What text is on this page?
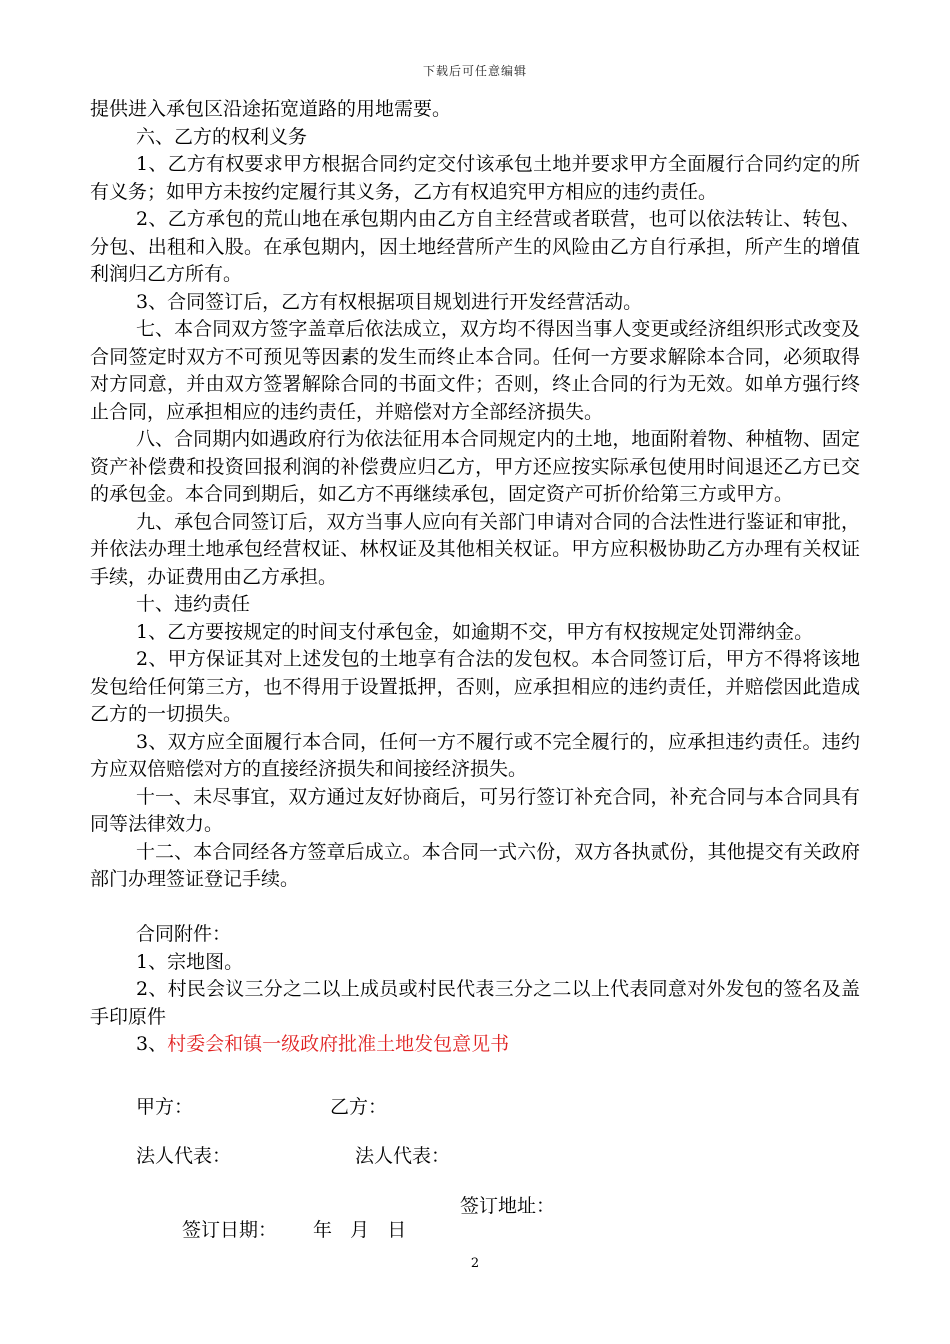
下载后可任意编辑

提供进入承包区沿途拓宽道路的用地需要。

六、乙方的权利义务

1、乙方有权要求甲方根据合同约定交付该承包土地并要求甲方全面履行合同约定的所有义务；如甲方未按约定履行其义务，乙方有权追究甲方相应的违约责任。

2、乙方承包的荒山地在承包期内由乙方自主经营或者联营，也可以依法转让、转包、分包、出租和入股。在承包期内，因土地经营所产生的风险由乙方自行承担，所产生的增值利润归乙方所有。

3、合同签订后，乙方有权根据项目规划进行开发经营活动。

七、本合同双方签字盖章后依法成立，双方均不得因当事人变更或经济组织形式改变及合同签定时双方不可预见等因素的发生而终止本合同。任何一方要求解除本合同，必须取得对方同意，并由双方签署解除合同的书面文件；否则，终止合同的行为无效。如单方强行终止合同，应承担相应的违约责任，并赔偿对方全部经济损失。

八、合同期内如遇政府行为依法征用本合同规定内的土地，地面附着物、种植物、固定资产补偿费和投资回报利润的补偿费应归乙方，甲方还应按实际承包使用时间退还乙方已交的承包金。本合同到期后，如乙方不再继续承包，固定资产可折价给第三方或甲方。

九、承包合同签订后，双方当事人应向有关部门申请对合同的合法性进行鉴证和审批，并依法办理土地承包经营权证、林权证及其他相关权证。甲方应积极协助乙方办理有关权证手续，办证费用由乙方承担。

十、违约责任

1、乙方要按规定的时间支付承包金，如逾期不交，甲方有权按规定处罚滞纳金。

2、甲方保证其对上述发包的土地享有合法的发包权。本合同签订后，甲方不得将该地发包给任何第三方，也不得用于设置抵押，否则，应承担相应的违约责任，并赔偿因此造成乙方的一切损失。

3、双方应全面履行本合同，任何一方不履行或不完全履行的，应承担违约责任。违约方应双倍赔偿对方的直接经济损失和间接经济损失。

十一、未尽事宜，双方通过友好协商后，可另行签订补充合同，补充合同与本合同具有同等法律效力。

十二、本合同经各方签章后成立。本合同一式六份，双方各执贰份，其他提交有关政府部门办理签证登记手续。

合同附件：

1、宗地图。

2、村民会议三分之二以上成员或村民代表三分之二以上代表同意对外发包的签名及盖手印原件

3、村委会和镇一级政府批准土地发包意见书

甲方：	乙方：
法人代表：	法人代表：
签订地址：
签订日期： 年   月   日
2
